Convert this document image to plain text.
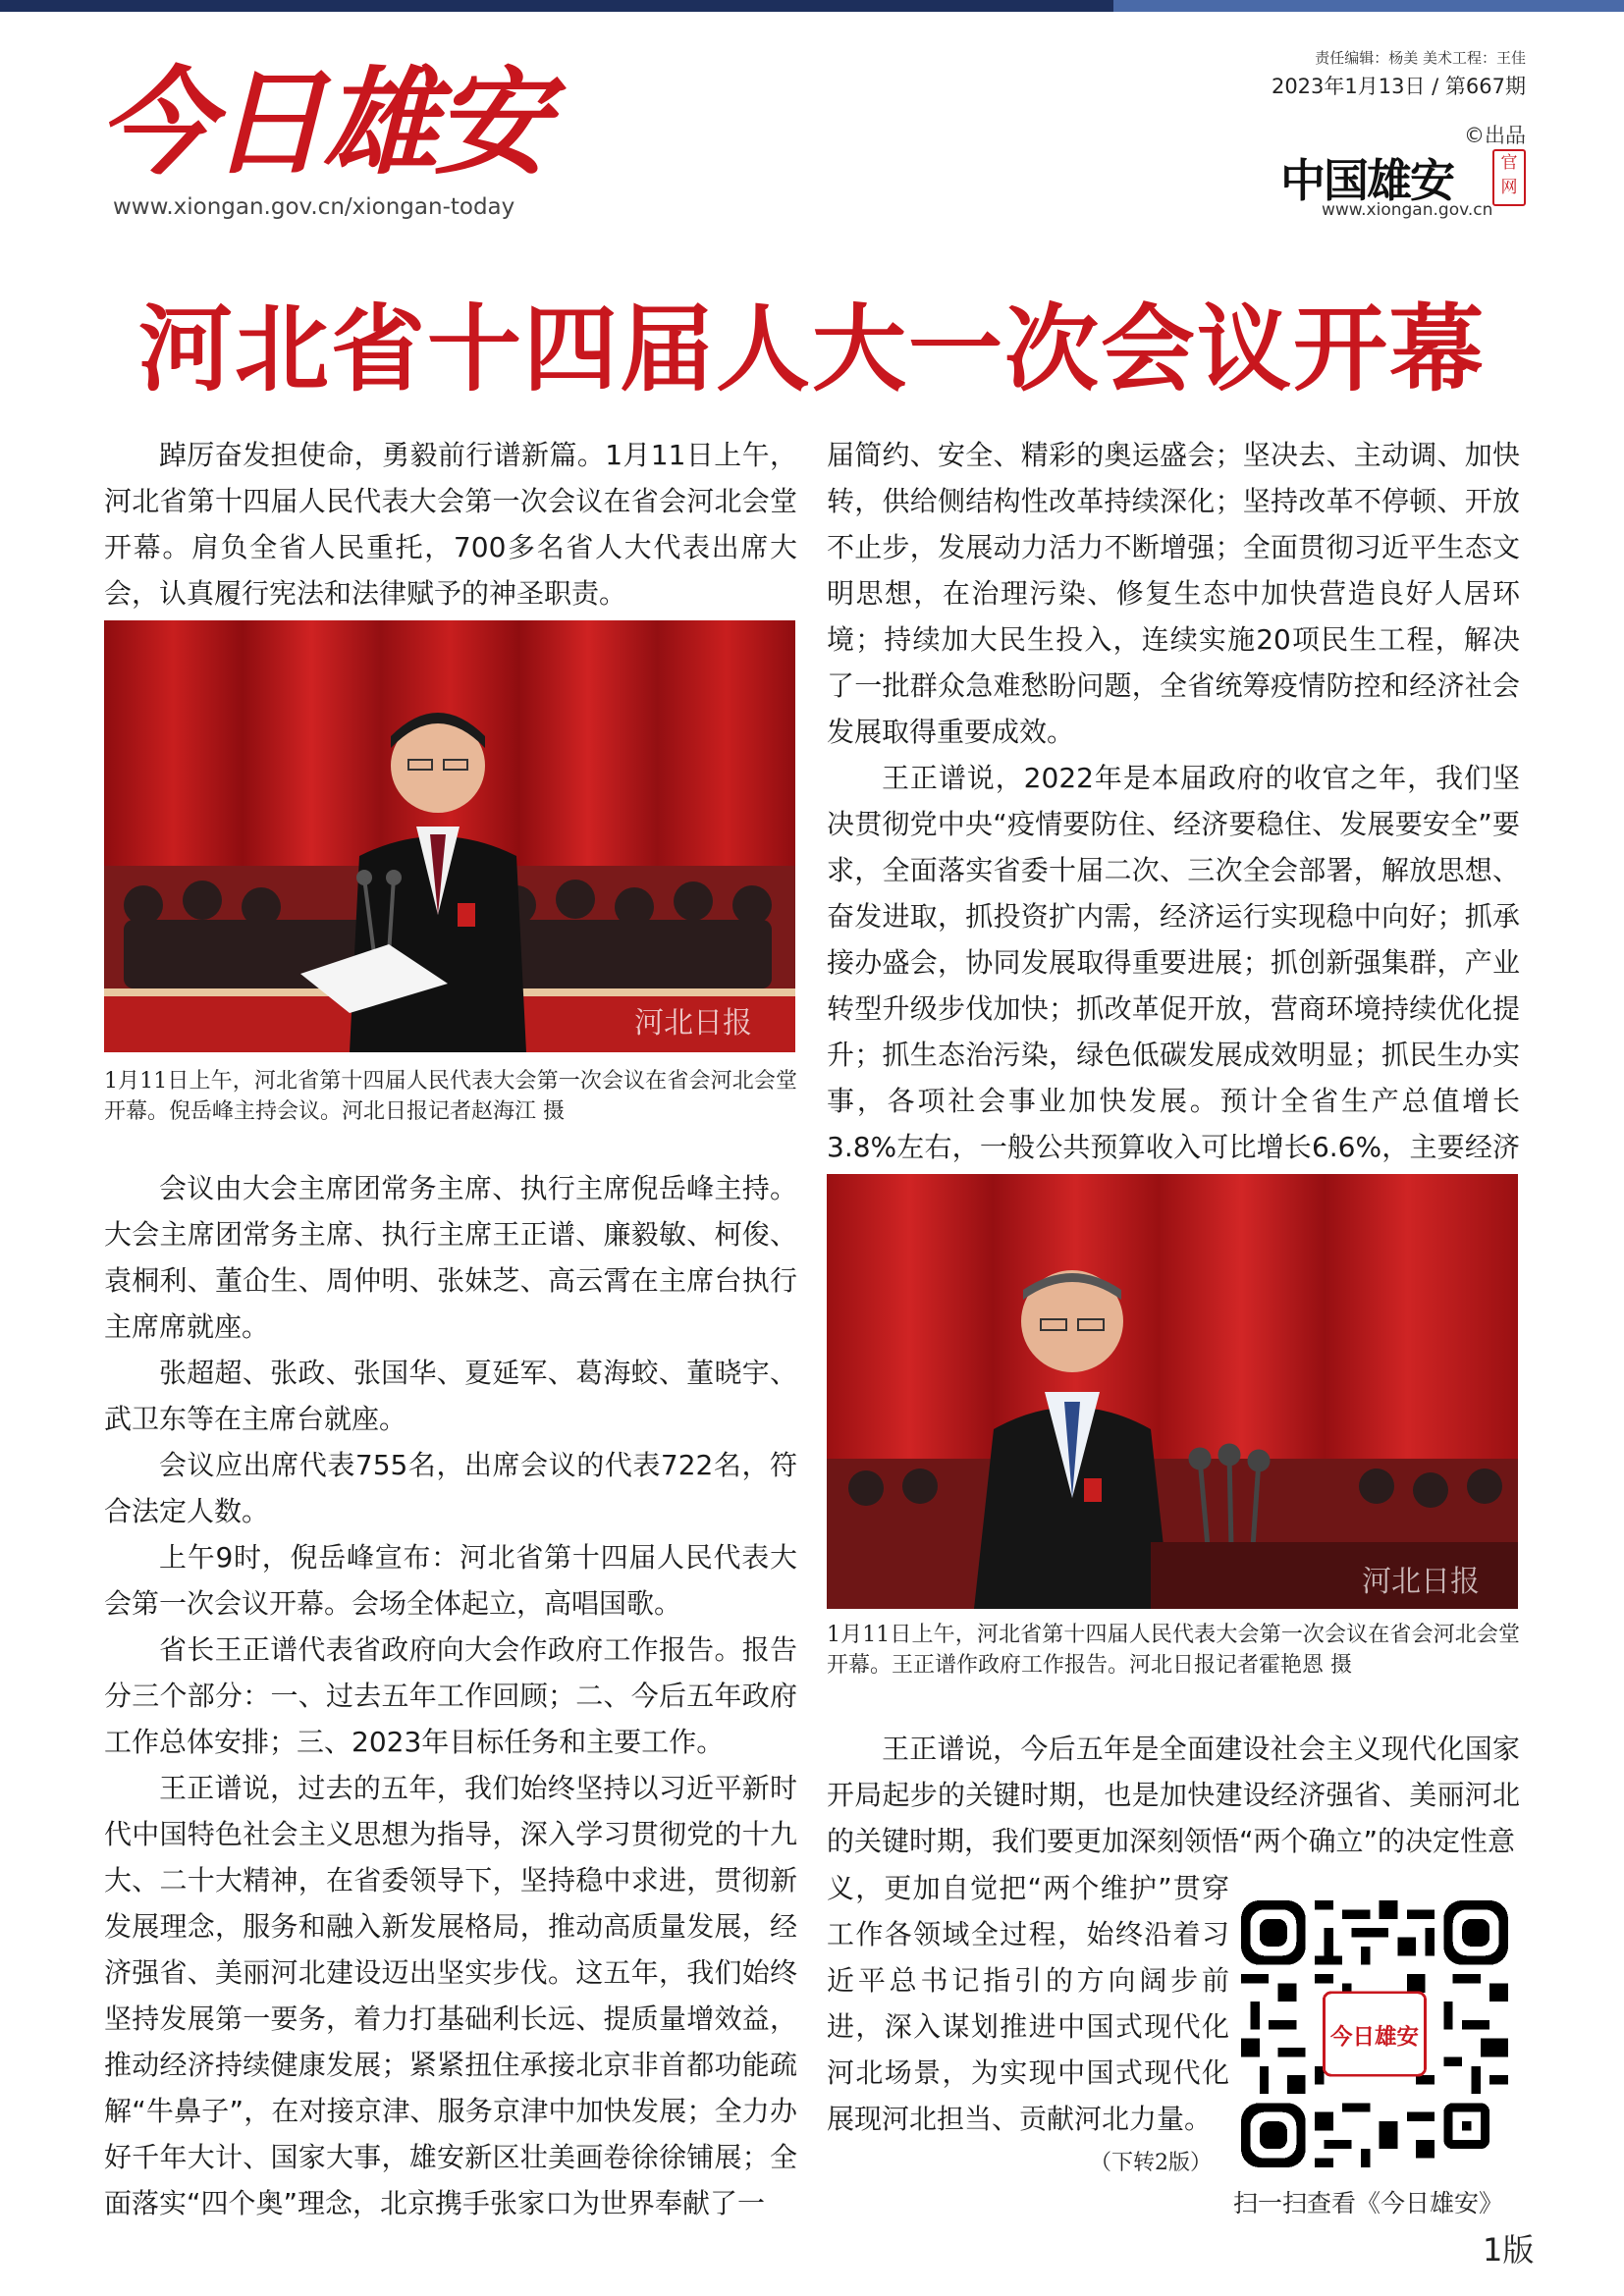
今日雄安
www.xiongan.gov.cn/xiongan-today
责任编辑：杨美 美术工程：王佳
2023年1月13日 / 第667期
©出品
中国雄安	官网
www.xiongan.gov.cn
河北省十四届人大一次会议开幕

踔厉奋发担使命，勇毅前行谱新篇。1月11日上午，河北省第十四届人民代表大会第一次会议在省会河北会堂开幕。肩负全省人民重托，700多名省人大代表出席大会，认真履行宪法和法律赋予的神圣职责。

河北日报
1月11日上午，河北省第十四届人民代表大会第一次会议在省会河北会堂开幕。倪岳峰主持会议。河北日报记者赵海江 摄

会议由大会主席团常务主席、执行主席倪岳峰主持。大会主席团常务主席、执行主席王正谱、廉毅敏、柯俊、袁桐利、董仚生、周仲明、张妹芝、高云霄在主席台执行主席席就座。

张超超、张政、张国华、夏延军、葛海蛟、董晓宇、武卫东等在主席台就座。

会议应出席代表755名，出席会议的代表722名，符合法定人数。

上午9时，倪岳峰宣布：河北省第十四届人民代表大会第一次会议开幕。会场全体起立，高唱国歌。

省长王正谱代表省政府向大会作政府工作报告。报告分三个部分：一、过去五年工作回顾；二、今后五年政府工作总体安排；三、2023年目标任务和主要工作。

王正谱说，过去的五年，我们始终坚持以习近平新时代中国特色社会主义思想为指导，深入学习贯彻党的十九大、二十大精神，在省委领导下，坚持稳中求进，贯彻新发展理念，服务和融入新发展格局，推动高质量发展，经济强省、美丽河北建设迈出坚实步伐。这五年，我们始终坚持发展第一要务，着力打基础利长远、提质量增效益，推动经济持续健康发展；紧紧扭住承接北京非首都功能疏解“牛鼻子”，在对接京津、服务京津中加快发展；全力办好千年大计、国家大事，雄安新区壮美画卷徐徐铺展；全面落实“四个奥”理念，北京携手张家口为世界奉献了一

届简约、安全、精彩的奥运盛会；坚决去、主动调、加快转，供给侧结构性改革持续深化；坚持改革不停顿、开放不止步，发展动力活力不断增强；全面贯彻习近平生态文明思想，在治理污染、修复生态中加快营造良好人居环境；持续加大民生投入，连续实施20项民生工程，解决了一批群众急难愁盼问题，全省统筹疫情防控和经济社会发展取得重要成效。

王正谱说，2022年是本届政府的收官之年，我们坚决贯彻党中央“疫情要防住、经济要稳住、发展要安全”要求，全面落实省委十届二次、三次全会部署，解放思想、奋发进取，抓投资扩内需，经济运行实现稳中向好；抓承接办盛会，协同发展取得重要进展；抓创新强集群，产业转型升级步伐加快；抓改革促开放，营商环境持续优化提升；抓生态治污染，绿色低碳发展成效明显；抓民生办实事，各项社会事业加快发展。预计全省生产总值增长3.8%左右，一般公共预算收入可比增长6.6%，主要经济

河北日报
1月11日上午，河北省第十四届人民代表大会第一次会议在省会河北会堂开幕。王正谱作政府工作报告。河北日报记者霍艳恩 摄

王正谱说，今后五年是全面建设社会主义现代化国家开局起步的关键时期，也是加快建设经济强省、美丽河北的关键时期，我们要更加深刻领悟“两个确立”的决定性意

义，更加自觉把“两个维护”贯穿工作各领域全过程，始终沿着习近平总书记指引的方向阔步前进，深入谋划推进中国式现代化河北场景，为实现中国式现代化展现河北担当、贡献河北力量。

（下转2版）
今日雄安
扫一扫查看《今日雄安》
1版
